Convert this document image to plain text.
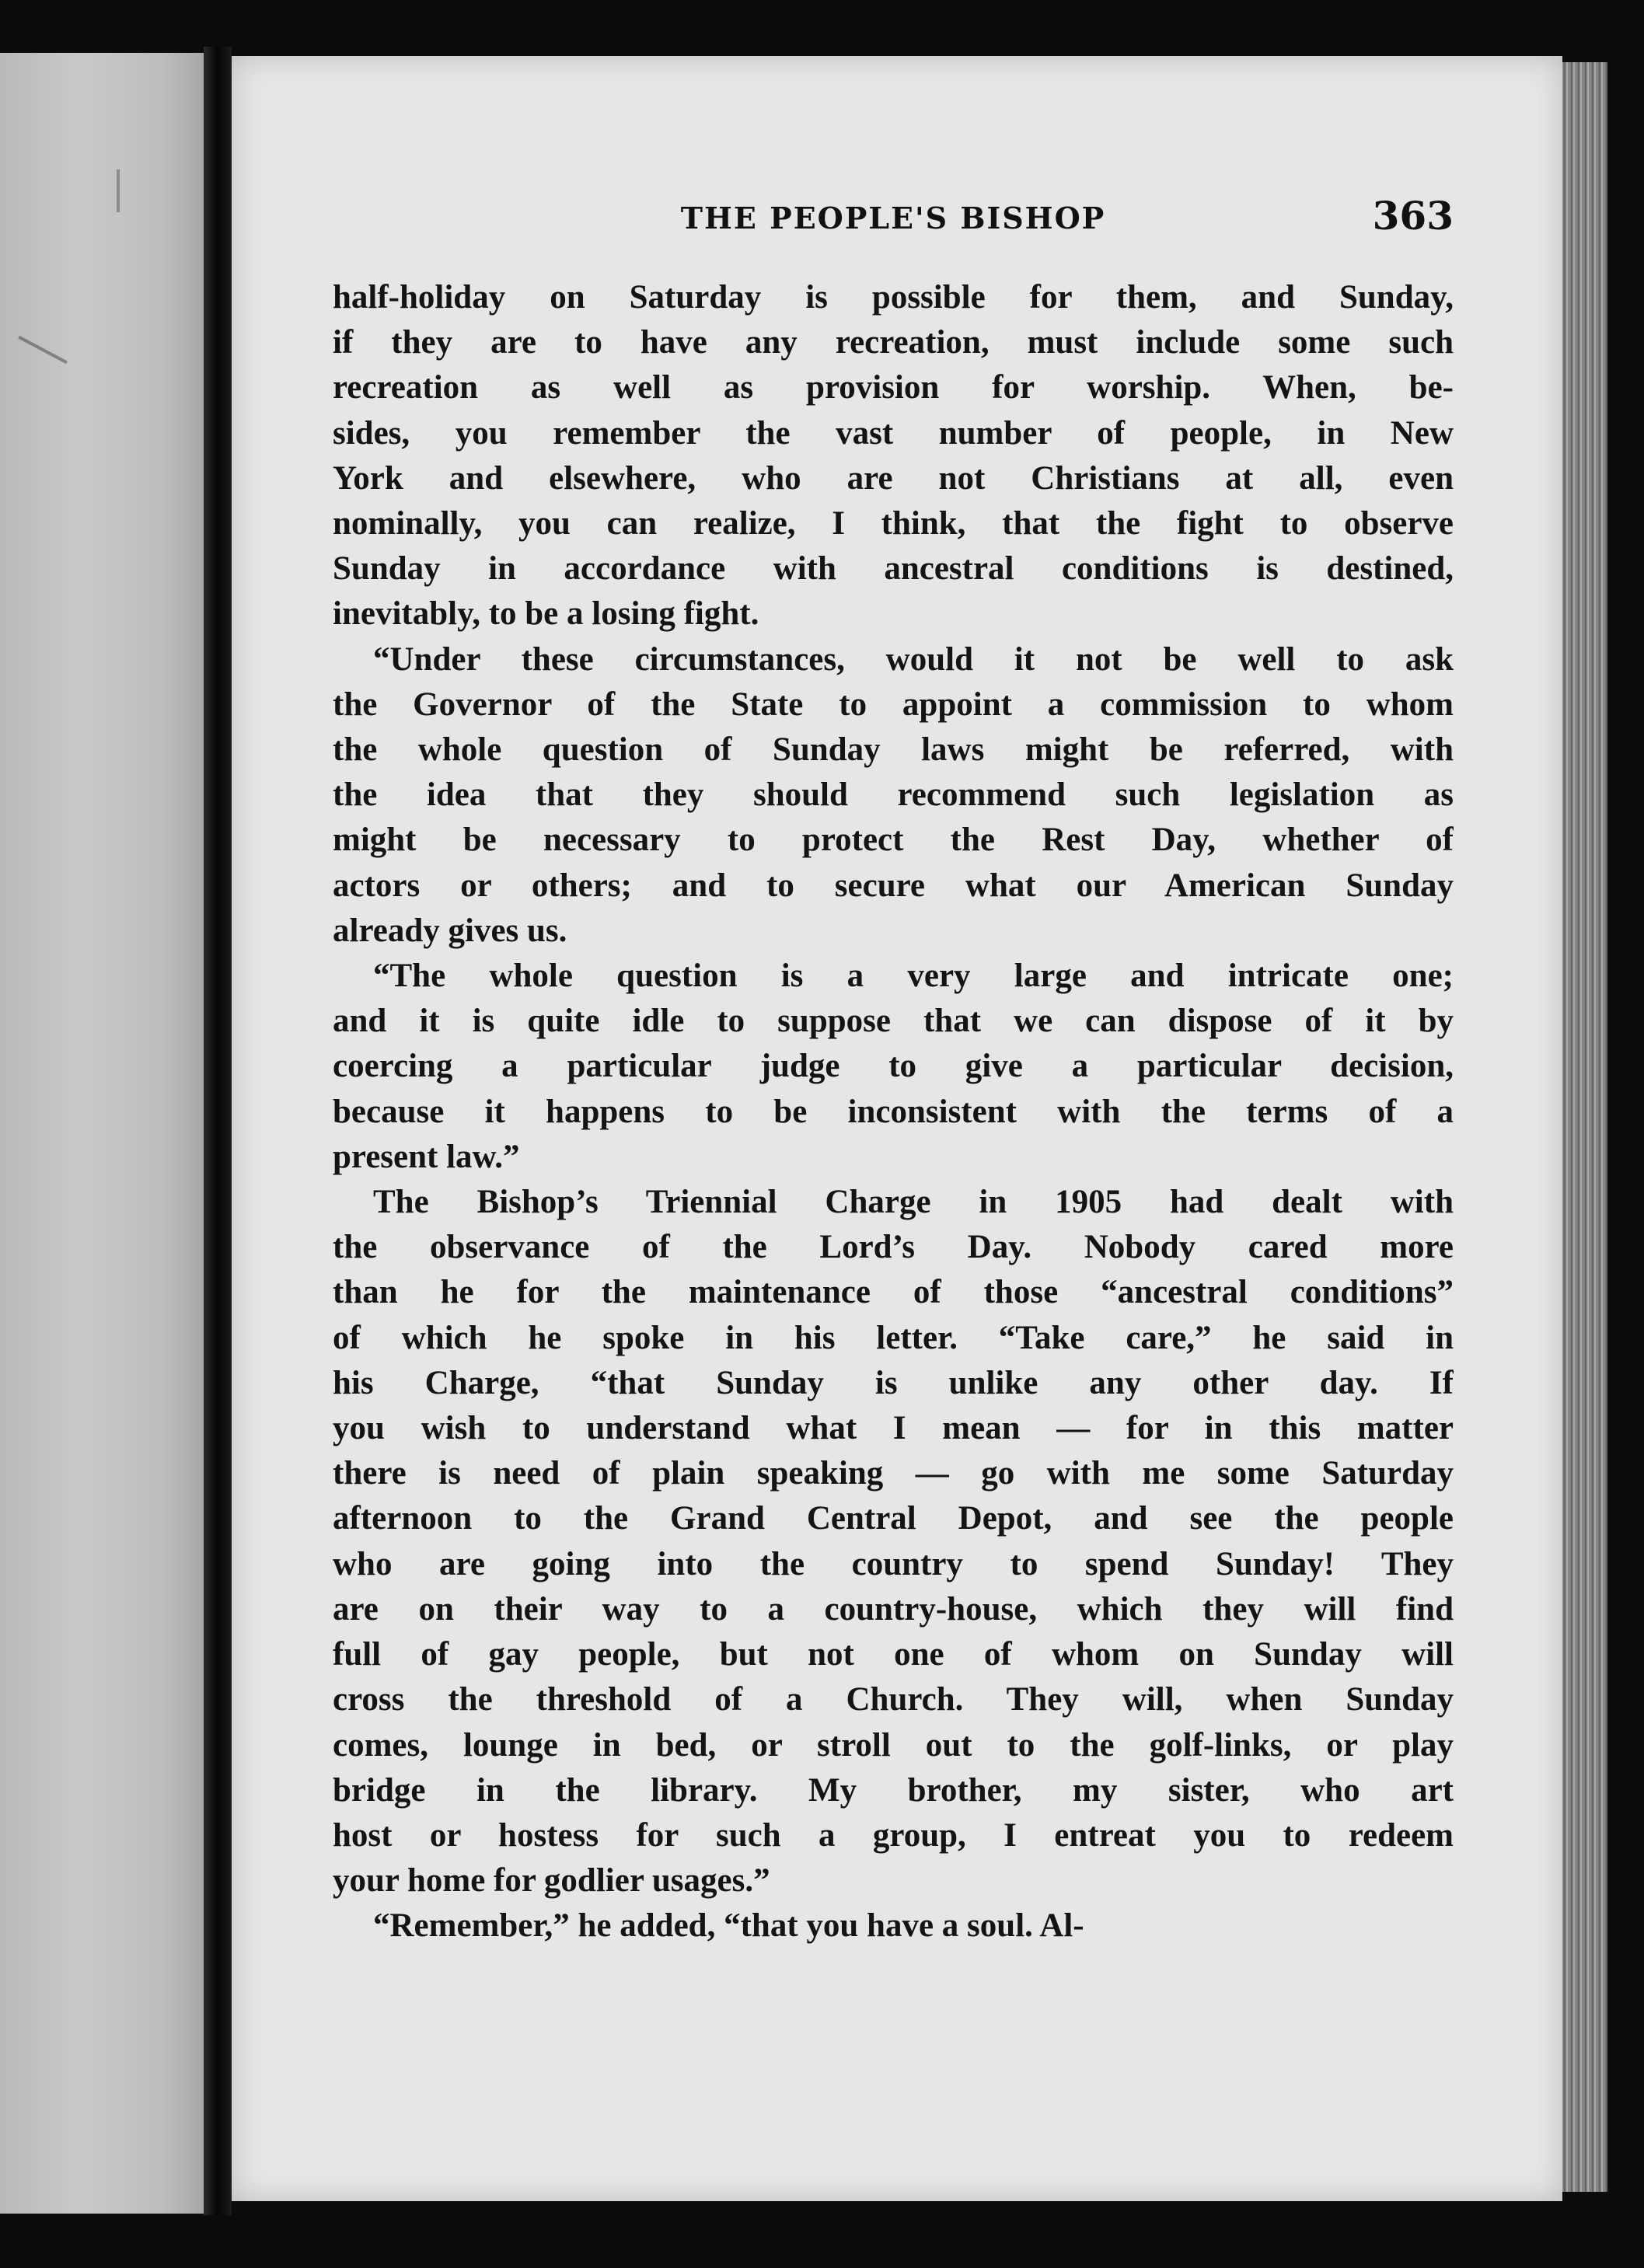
THE PEOPLE'S BISHOP	363
half-holiday on Saturday is possible for them, and Sunday,
if they are to have any recreation, must include some such
recreation as well as provision for worship. When, be-
sides, you remember the vast number of people, in New
York and elsewhere, who are not Christians at all, even
nominally, you can realize, I think, that the fight to observe
Sunday in accordance with ancestral conditions is destined,
inevitably, to be a losing fight.
“Under these circumstances, would it not be well to ask
the Governor of the State to appoint a commission to whom
the whole question of Sunday laws might be referred, with
the idea that they should recommend such legislation as
might be necessary to protect the Rest Day, whether of
actors or others; and to secure what our American Sunday
already gives us.
“The whole question is a very large and intricate one;
and it is quite idle to suppose that we can dispose of it by
coercing a particular judge to give a particular decision,
because it happens to be inconsistent with the terms of a
present law.”
The Bishop’s Triennial Charge in 1905 had dealt with
the observance of the Lord’s Day. Nobody cared more
than he for the maintenance of those “ancestral conditions”
of which he spoke in his letter. “Take care,” he said in
his Charge, “that Sunday is unlike any other day. If
you wish to understand what I mean — for in this matter
there is need of plain speaking — go with me some Saturday
afternoon to the Grand Central Depot, and see the people
who are going into the country to spend Sunday! They
are on their way to a country-house, which they will find
full of gay people, but not one of whom on Sunday will
cross the threshold of a Church. They will, when Sunday
comes, lounge in bed, or stroll out to the golf-links, or play
bridge in the library. My brother, my sister, who art
host or hostess for such a group, I entreat you to redeem
your home for godlier usages.”
“Remember,” he added, “that you have a soul. Al-
